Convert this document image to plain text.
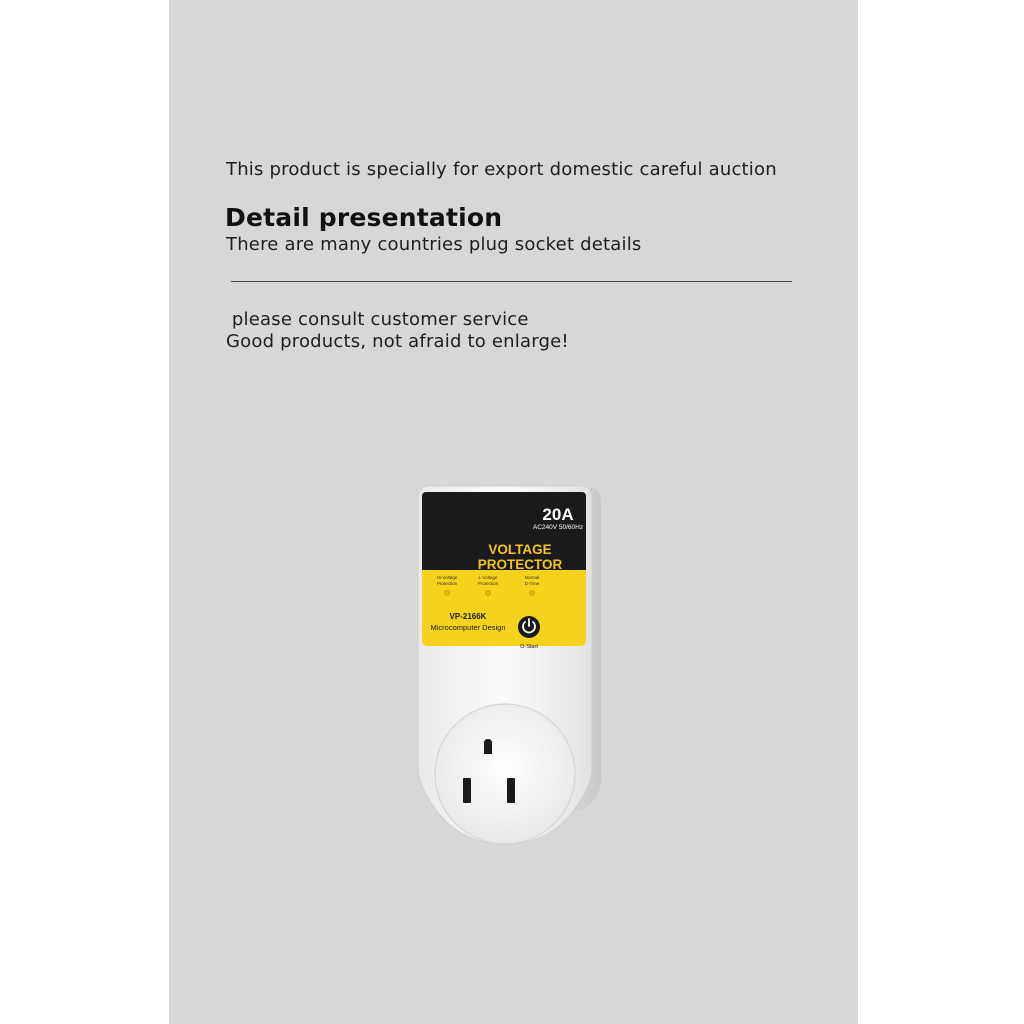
This product is specially for export domestic careful auction

There are many countries plug socket details

please consult customer service

Detail presentation
Good products, not afraid to enlarge!
20A
AC240V 50/60Hz
VOLTAGE
PROTECTOR
Hi-Voltage
Protection
L-Voltage
Protection
Normal
D-Time
VP-2166K
Microcomputer Design
O-Start
